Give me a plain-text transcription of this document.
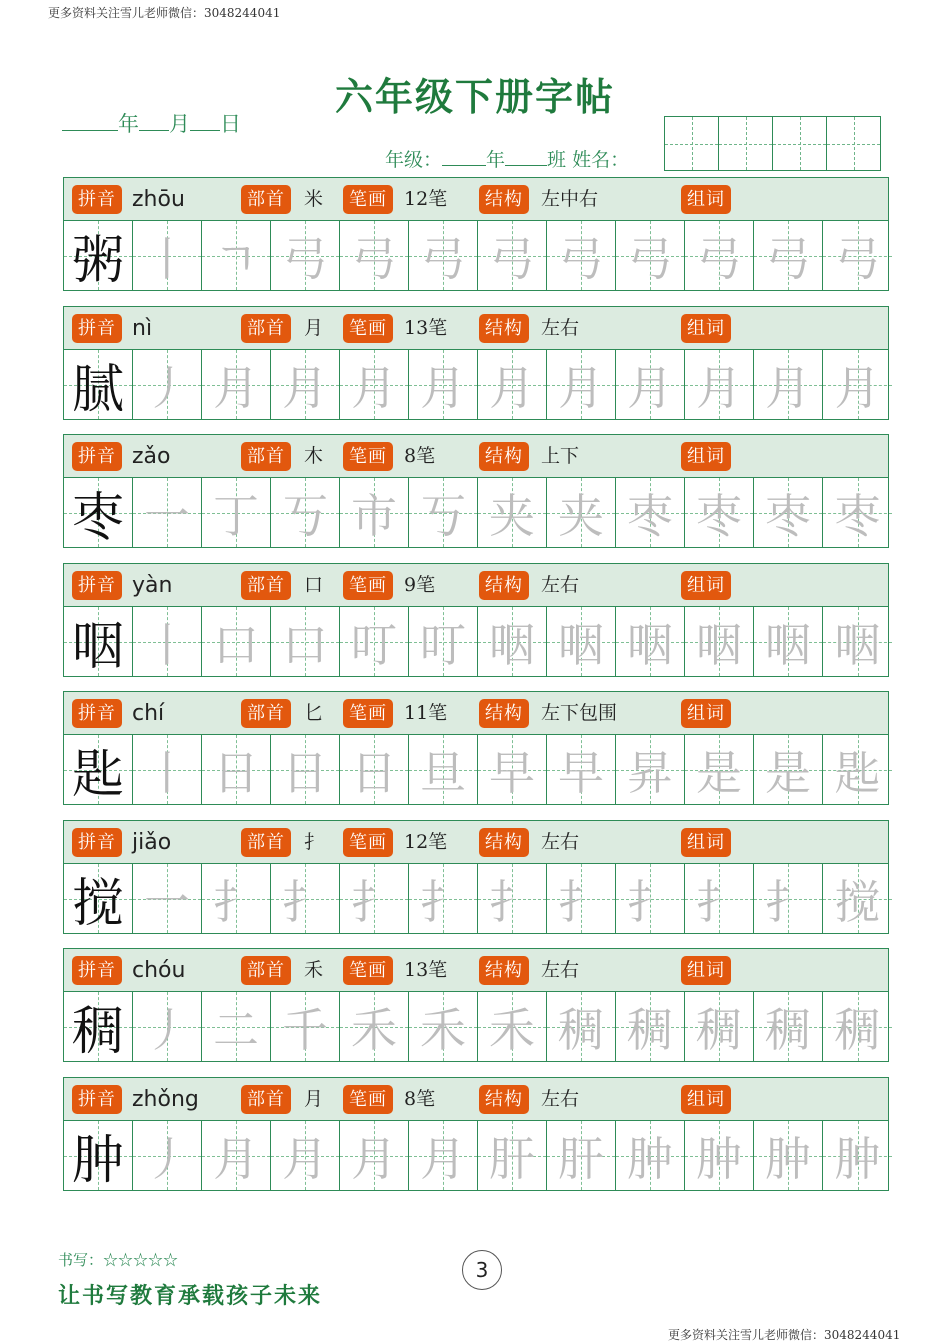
更多资料关注雪儿老师微信：3048244041
六年级下册字帖
年 月 日
年级： 年 班 姓名：
拼音 zhōu	部首	米	笔画 12笔	结构 左中右	组词
粥 丨 ㄱ 弓 弓 弓 弓 弓 弓 弓 弓 弓
拼音 nì	部首	月	笔画 13笔	结构 左右	组词
腻 丿 月 月 月 月 月 月 月 月 月 月
拼音 zǎo	部首	木	笔画 8笔	结构 上下	组词
枣 一 丁 丂 市 丂 夹 夹 枣 枣 枣 枣
拼音 yàn	部首	口	笔画 9笔	结构 左右	组词
咽 丨 口 口 叮 叮 咽 咽 咽 咽 咽 咽
拼音 chí	部首	匕	笔画 11笔	结构 左下包围	组词
匙 丨 日 日 日 旦 早 早 昇 是 是 匙
拼音 jiǎo	部首	扌	笔画 12笔	结构 左右	组词
搅 一 扌 扌 扌 扌 扌 扌 扌 扌 扌 搅
拼音 chóu	部首	禾	笔画 13笔	结构 左右	组词
稠 丿 二 千 禾 禾 禾 稠 稠 稠 稠 稠
拼音 zhǒng	部首	月	笔画 8笔	结构 左右	组词
肿 丿 月 月 月 月 肝 肝 肿 肿 肿 肿
书写：☆☆☆☆☆
让书写教育承载孩子未来
3
更多资料关注雪儿老师微信：3048244041
